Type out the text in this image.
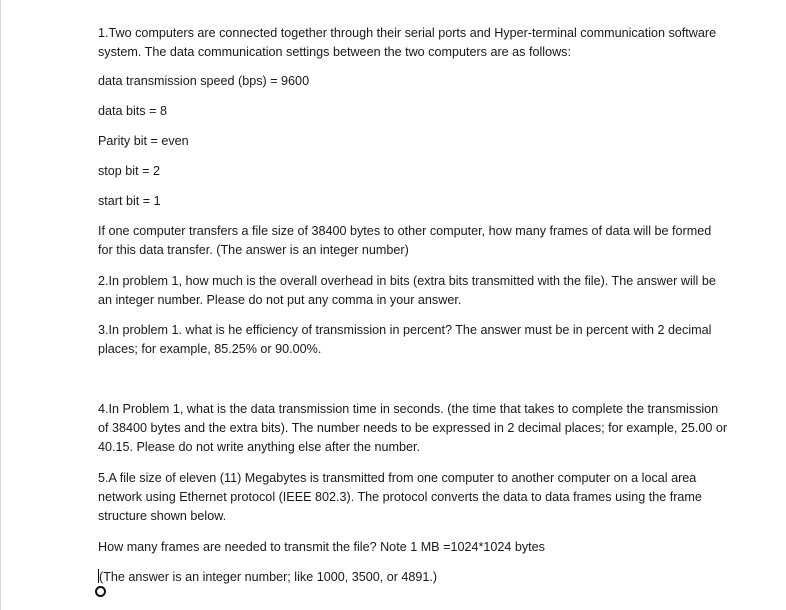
1.Two computers are connected together through their serial ports and Hyper-terminal communication software system. The data communication settings between the two computers are as follows:

data transmission speed (bps) = 9600

data bits = 8

Parity bit = even

stop bit = 2

start bit = 1

If one computer transfers a file size of 38400 bytes to other computer, how many frames of data will be formed for this data transfer. (The answer is an integer number)

2.In problem 1, how much is the overall overhead in bits (extra bits transmitted with the file). The answer will be an integer number. Please do not put any comma in your answer.

3.In problem 1. what is he efficiency of transmission in percent? The answer must be in percent with 2 decimal places; for example, 85.25% or 90.00%.

4.In Problem 1, what is the data transmission time in seconds. (the time that takes to complete the transmission of 38400 bytes and the extra bits). The number needs to be expressed in 2 decimal places; for example, 25.00 or 40.15. Please do not write anything else after the number.

5.A file size of eleven (11) Megabytes is transmitted from one computer to another computer on a local area network using Ethernet protocol (IEEE 802.3). The protocol converts the data to data frames using the frame structure shown below.

How many frames are needed to transmit the file? Note 1 MB =1024*1024 bytes

(The answer is an integer number; like 1000, 3500, or 4891.)
